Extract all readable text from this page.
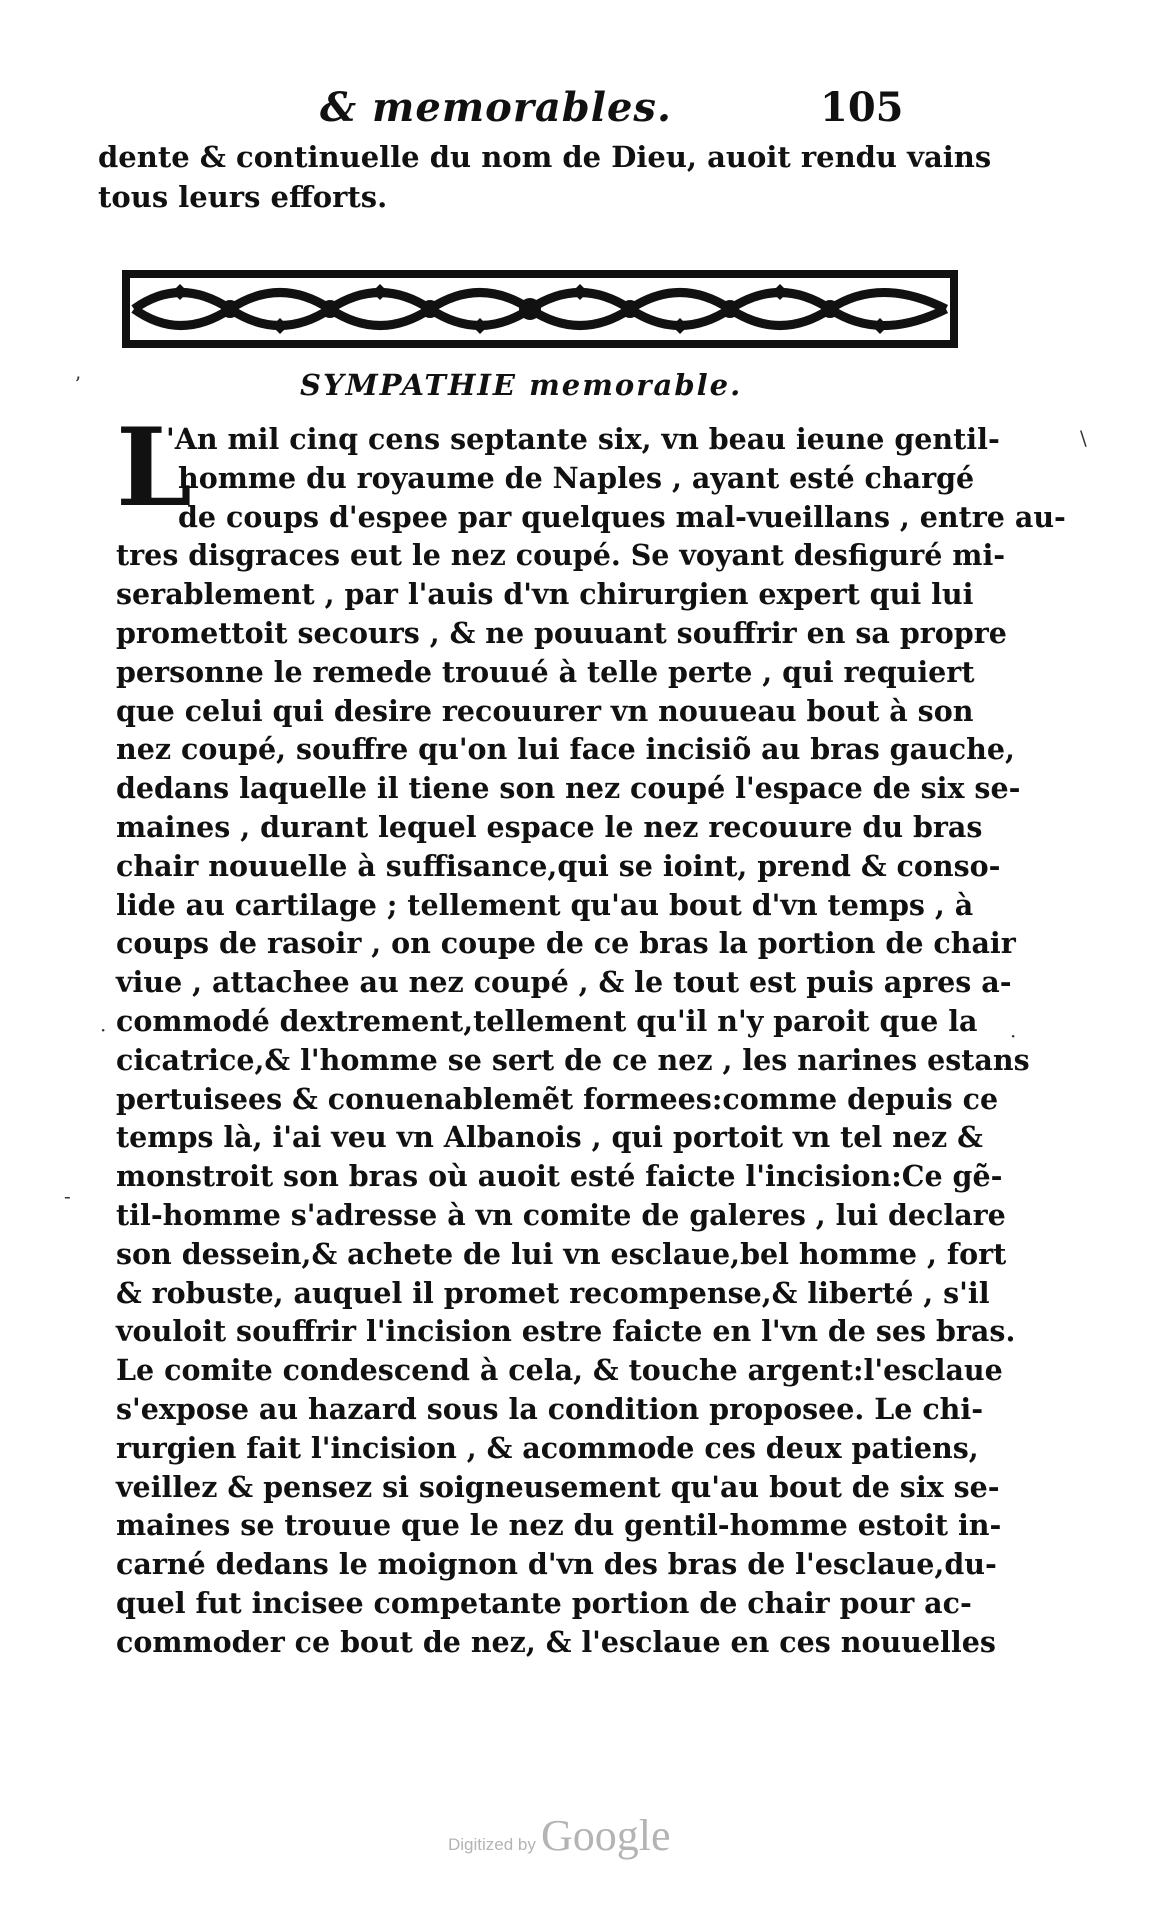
& memorables.	105
dente & continuelle du nom de Dieu, auoit rendu vains
tous leurs efforts.
SYMPATHIE memorable.
L
'An mil cinq cens septante six, vn beau ieune gentil-
homme du royaume de Naples , ayant esté chargé
de coups d'espee par quelques mal-vueillans , entre au-
tres disgraces eut le nez coupé. Se voyant desfiguré mi-
serablement , par l'auis d'vn chirurgien expert qui lui
promettoit secours , & ne pouuant souffrir en sa propre
personne le remede trouué à telle perte , qui requiert
que celui qui desire recouurer vn nouueau bout à son
nez coupé, souffre qu'on lui face incisiõ au bras gauche,
dedans laquelle il tiene son nez coupé l'espace de six se-
maines , durant lequel espace le nez recouure du bras
chair nouuelle à suffisance,qui se ioint, prend & conso-
lide au cartilage ; tellement qu'au bout d'vn temps , à
coups de rasoir , on coupe de ce bras la portion de chair
viue , attachee au nez coupé , & le tout est puis apres a-
commodé dextrement,tellement qu'il n'y paroit que la
cicatrice,& l'homme se sert de ce nez , les narines estans
pertuisees & conuenablemẽt formees:comme depuis ce
temps là, i'ai veu vn Albanois , qui portoit vn tel nez &
monstroit son bras où auoit esté faicte l'incision:Ce gẽ-
til-homme s'adresse à vn comite de galeres , lui declare
son dessein,& achete de lui vn esclaue,bel homme , fort
& robuste, auquel il promet recompense,& liberté , s'il
vouloit souffrir l'incision estre faicte en l'vn de ses bras.
Le comite condescend à cela, & touche argent:l'esclaue
s'expose au hazard sous la condition proposee. Le chi-
rurgien fait l'incision , & acommode ces deux patiens,
veillez & pensez si soigneusement qu'au bout de six se-
maines se trouue que le nez du gentil-homme estoit in-
carné dedans le moignon d'vn des bras de l'esclaue,du-
quel fut incisee competante portion de chair pour ac-
commoder ce bout de nez, & l'esclaue en ces nouuelles
ʼ
\
·	·
-
Digitized by Google
